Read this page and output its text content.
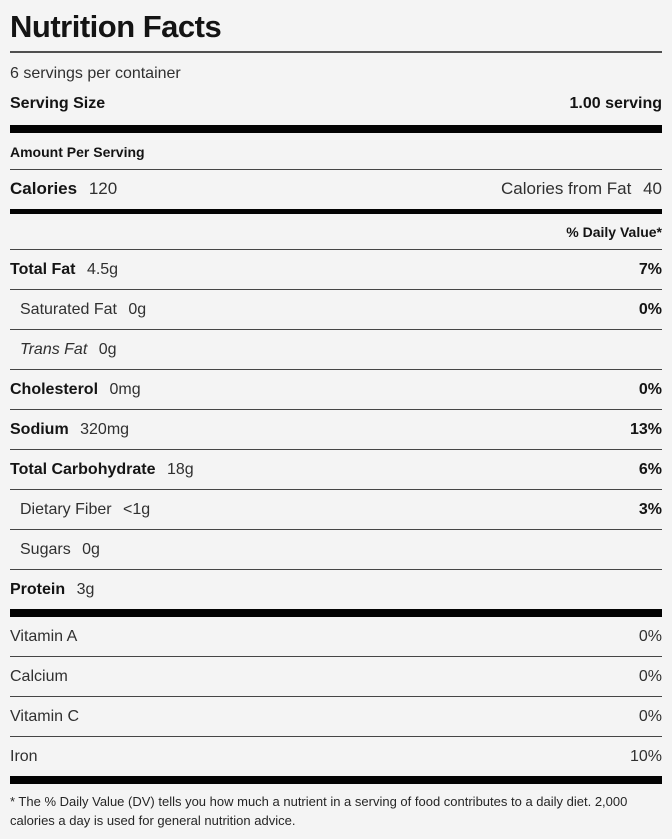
Nutrition Facts
6 servings per container
Serving Size	1.00 serving
Amount Per Serving
Calories 120	Calories from Fat 40
% Daily Value*
Total Fat 4.5g	7%
Saturated Fat 0g	0%
Trans Fat 0g
Cholesterol 0mg	0%
Sodium 320mg	13%
Total Carbohydrate 18g	6%
Dietary Fiber <1g	3%
Sugars 0g
Protein 3g
Vitamin A	0%
Calcium	0%
Vitamin C	0%
Iron	10%
* The % Daily Value (DV) tells you how much a nutrient in a serving of food contributes to a daily diet. 2,000 calories a day is used for general nutrition advice.
